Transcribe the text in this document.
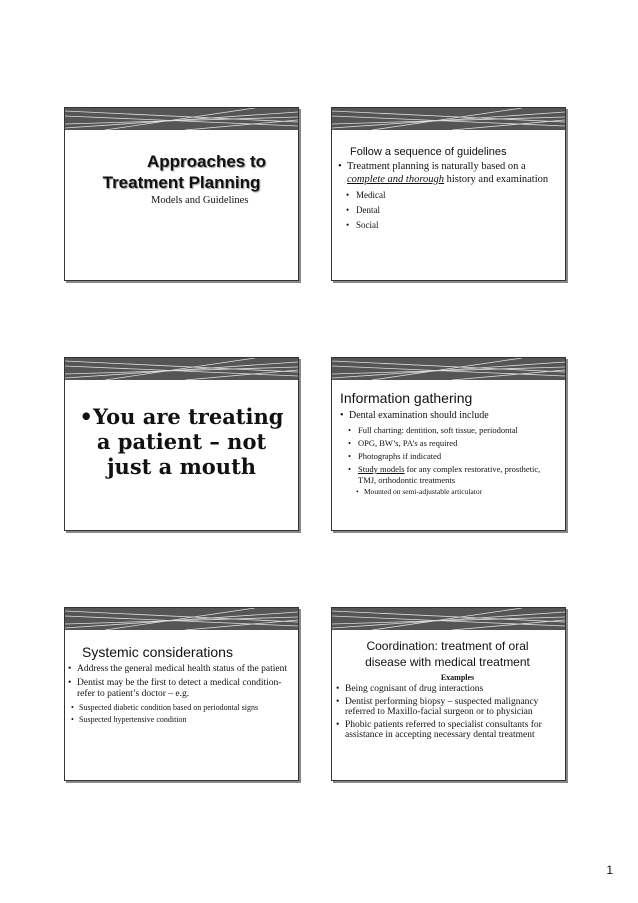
Approaches to
Treatment Planning
Models and Guidelines
Follow a sequence of guidelines
• Treatment planning is naturally based on a complete and thorough history and examination
• Medical
• Dental
• Social
•You are treating
a patient – not
just a mouth
Information gathering
• Dental examination should include
• Full charting: dentition, soft tissue, periodontal
• OPG, BW’s, PA’s as required
• Photographs if indicated
• Study models for any complex restorative, prosthetic, TMJ, orthodontic treatments
• Mounted on semi-adjustable articulator
Systemic considerations
• Address the general medical health status of the patient
• Dentist may be the first to detect a medical condition-refer to patient’s doctor – e.g.
• Suspected diabetic condition based on periodontal signs
• Suspected hypertensive condition
Coordination: treatment of oral
disease with medical treatment
Examples
• Being cognisant of drug interactions
• Dentist performing biopsy – suspected malignancy referred to Maxillo-facial surgeon or to physician
• Phobic patients referred to specialist consultants for assistance in accepting necessary dental treatment
1
